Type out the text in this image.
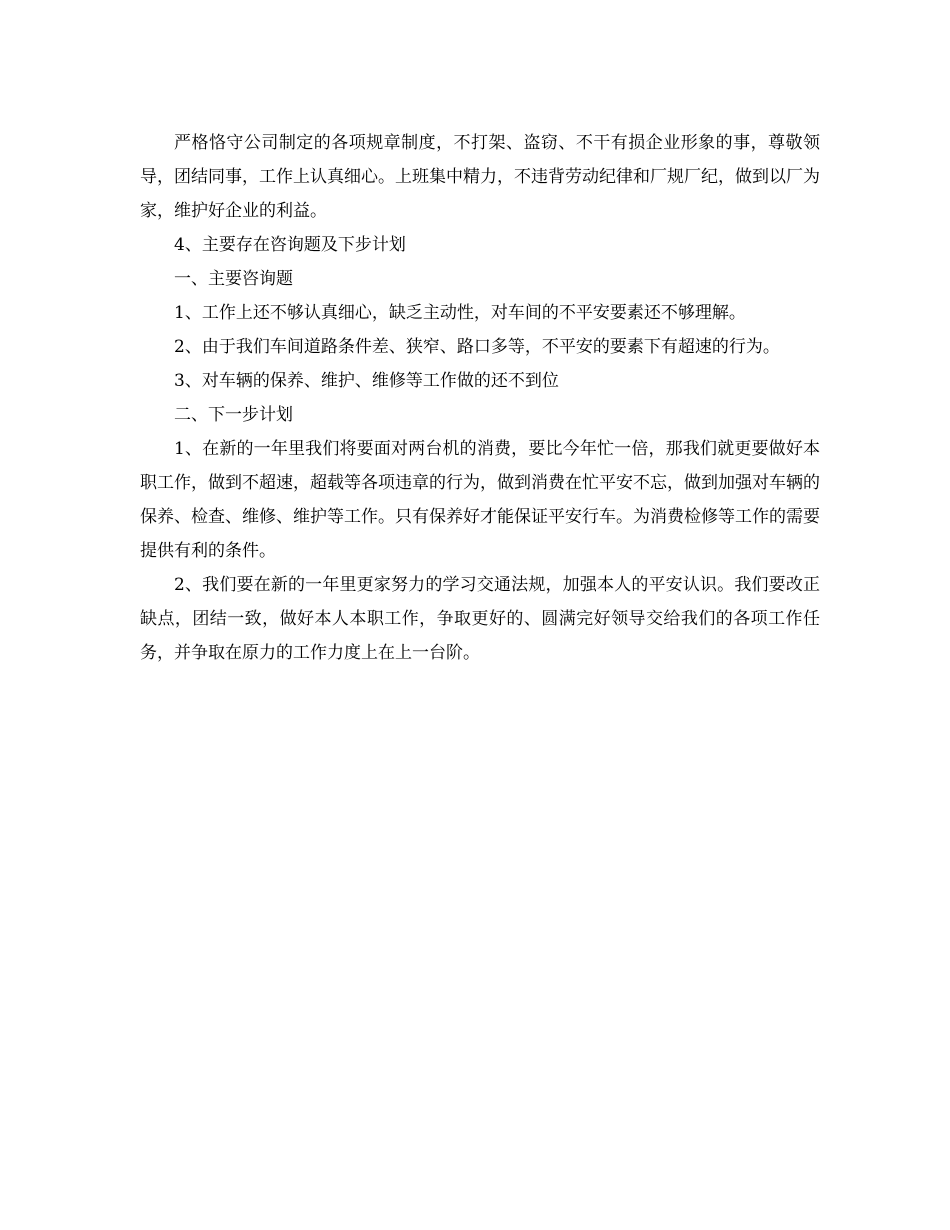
严格恪守公司制定的各项规章制度，不打架、盗窃、不干有损企业形象的事，尊敬领导，团结同事，工作上认真细心。上班集中精力，不违背劳动纪律和厂规厂纪，做到以厂为家，维护好企业的利益。

4、主要存在咨询题及下步计划

一、主要咨询题

1、工作上还不够认真细心，缺乏主动性，对车间的不平安要素还不够理解。

2、由于我们车间道路条件差、狭窄、路口多等，不平安的要素下有超速的行为。

3、对车辆的保养、维护、维修等工作做的还不到位

二、下一步计划

1、在新的一年里我们将要面对两台机的消费，要比今年忙一倍，那我们就更要做好本职工作，做到不超速，超载等各项违章的行为，做到消费在忙平安不忘，做到加强对车辆的保养、检查、维修、维护等工作。只有保养好才能保证平安行车。为消费检修等工作的需要提供有利的条件。

2、我们要在新的一年里更家努力的学习交通法规，加强本人的平安认识。我们要改正缺点，团结一致，做好本人本职工作，争取更好的、圆满完好领导交给我们的各项工作任务，并争取在原力的工作力度上在上一台阶。
